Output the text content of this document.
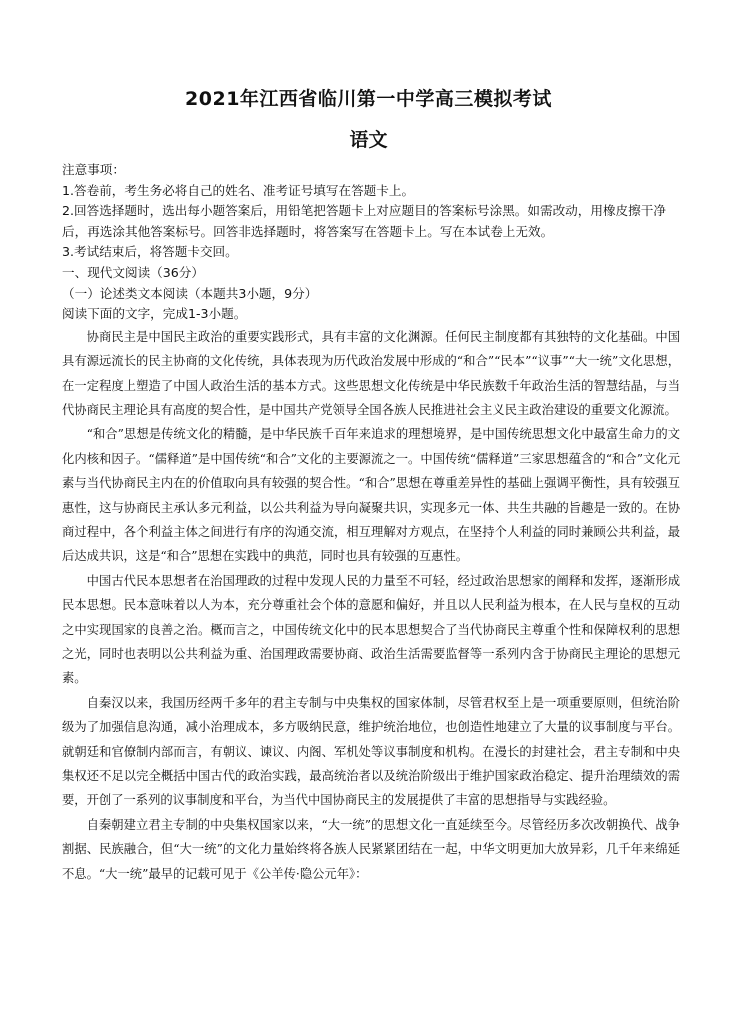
2021年江西省临川第一中学高三模拟考试
语文
注意事项：
1.答卷前，考生务必将自己的姓名、准考证号填写在答题卡上。
2.回答选择题时，选出每小题答案后，用铅笔把答题卡上对应题目的答案标号涂黑。如需改动，用橡皮擦干净后，再选涂其他答案标号。回答非选择题时，将答案写在答题卡上。写在本试卷上无效。
3.考试结束后，将答题卡交回。
一、现代文阅读（36分）
（一）论述类文本阅读（本题共3小题，9分）
阅读下面的文字，完成1-3小题。

协商民主是中国民主政治的重要实践形式，具有丰富的文化渊源。任何民主制度都有其独特的文化基础。中国具有源远流长的民主协商的文化传统，具体表现为历代政治发展中形成的“和合”“民本”“议事”“大一统”文化思想，在一定程度上塑造了中国人政治生活的基本方式。这些思想文化传统是中华民族数千年政治生活的智慧结晶，与当代协商民主理论具有高度的契合性，是中国共产党领导全国各族人民推进社会主义民主政治建设的重要文化源流。

“和合”思想是传统文化的精髓，是中华民族千百年来追求的理想境界，是中国传统思想文化中最富生命力的文化内核和因子。“儒释道”是中国传统“和合”文化的主要源流之一。中国传统“儒释道”三家思想蕴含的“和合”文化元素与当代协商民主内在的价值取向具有较强的契合性。“和合”思想在尊重差异性的基础上强调平衡性，具有较强互惠性，这与协商民主承认多元利益，以公共利益为导向凝聚共识，实现多元一体、共生共融的旨趣是一致的。在协商过程中，各个利益主体之间进行有序的沟通交流，相互理解对方观点，在坚持个人利益的同时兼顾公共利益，最后达成共识，这是“和合”思想在实践中的典范，同时也具有较强的互惠性。

中国古代民本思想者在治国理政的过程中发现人民的力量至不可轻，经过政治思想家的阐释和发挥，逐渐形成民本思想。民本意味着以人为本，充分尊重社会个体的意愿和偏好，并且以人民利益为根本，在人民与皇权的互动之中实现国家的良善之治。概而言之，中国传统文化中的民本思想契合了当代协商民主尊重个性和保障权利的思想之光，同时也表明以公共利益为重、治国理政需要协商、政治生活需要监督等一系列内含于协商民主理论的思想元素。

自秦汉以来，我国历经两千多年的君主专制与中央集权的国家体制，尽管君权至上是一项重要原则，但统治阶级为了加强信息沟通，减小治理成本，多方吸纳民意，维护统治地位，也创造性地建立了大量的议事制度与平台。就朝廷和官僚制内部而言，有朝议、谏议、内阁、军机处等议事制度和机构。在漫长的封建社会，君主专制和中央集权还不足以完全概括中国古代的政治实践，最高统治者以及统治阶级出于维护国家政治稳定、提升治理绩效的需要，开创了一系列的议事制度和平台，为当代中国协商民主的发展提供了丰富的思想指导与实践经验。

自秦朝建立君主专制的中央集权国家以来，“大一统”的思想文化一直延续至今。尽管经历多次改朝换代、战争割据、民族融合，但“大一统”的文化力量始终将各族人民紧紧团结在一起，中华文明更加大放异彩，几千年来绵延不息。“大一统”最早的记载可见于《公羊传·隐公元年》：
